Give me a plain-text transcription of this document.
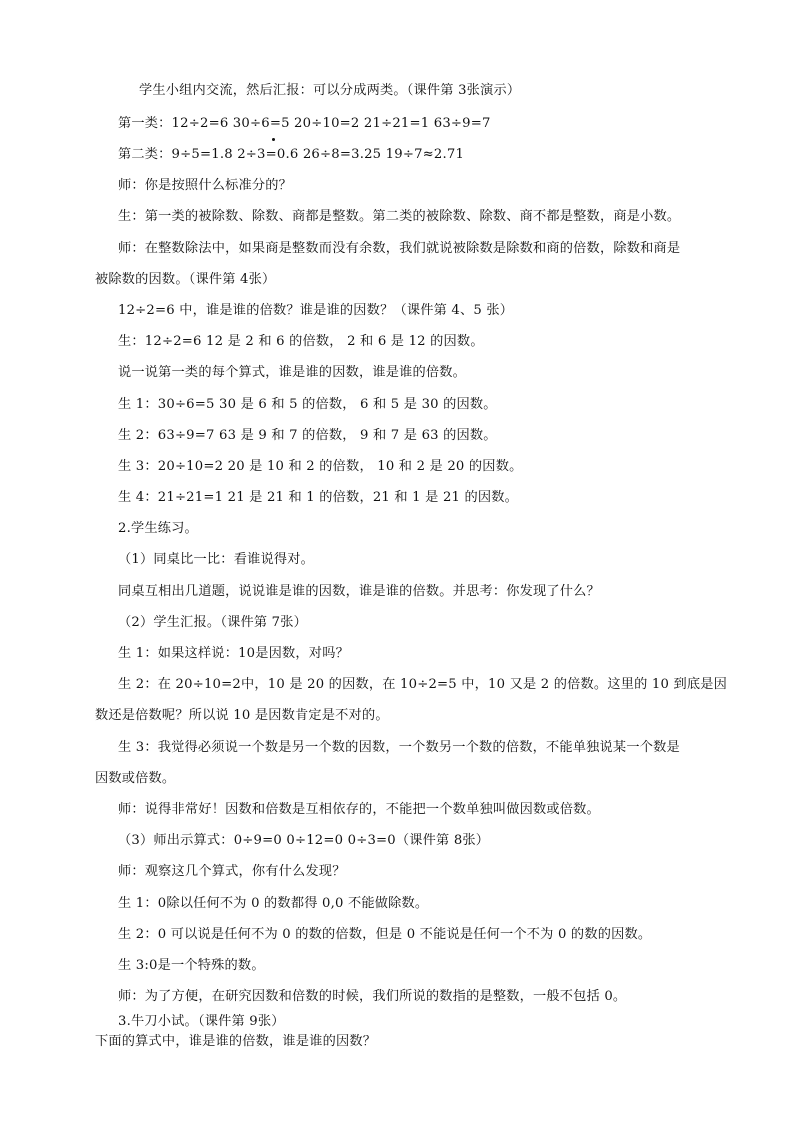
学生小组内交流，然后汇报：可以分成两类。（课件第 3张演示）
第一类：12÷2=6 30÷6=5 20÷10=2 21÷21=1 63÷9=7
第二类：9÷5=1.8 2÷3=0.6 26÷8=3.25 19÷7≈2.71
师：你是按照什么标准分的？
生：第一类的被除数、除数、商都是整数。第二类的被除数、除数、商不都是整数，商是小数。
师：在整数除法中，如果商是整数而没有余数，我们就说被除数是除数和商的倍数，除数和商是
被除数的因数。（课件第 4张）
12÷2=6 中，谁是谁的倍数？谁是谁的因数？（课件第 4、5 张）
生：12÷2=6 12 是 2 和 6 的倍数， 2 和 6 是 12 的因数。
说一说第一类的每个算式，谁是谁的因数，谁是谁的倍数。
生 1：30÷6=5 30 是 6 和 5 的倍数， 6 和 5 是 30 的因数。
生 2：63÷9=7 63 是 9 和 7 的倍数， 9 和 7 是 63 的因数。
生 3：20÷10=2 20 是 10 和 2 的倍数， 10 和 2 是 20 的因数。
生 4：21÷21=1 21 是 21 和 1 的倍数，21 和 1 是 21 的因数。
2.学生练习。
（1）同桌比一比：看谁说得对。
同桌互相出几道题，说说谁是谁的因数，谁是谁的倍数。并思考：你发现了什么？
（2）学生汇报。（课件第 7张）
生 1：如果这样说：10是因数，对吗？
生 2：在 20÷10=2中，10 是 20 的因数，在 10÷2=5 中，10 又是 2 的倍数。这里的 10 到底是因
数还是倍数呢？所以说 10 是因数肯定是不对的。
生 3：我觉得必须说一个数是另一个数的因数，一个数另一个数的倍数，不能单独说某一个数是
因数或倍数。
师：说得非常好！因数和倍数是互相依存的，不能把一个数单独叫做因数或倍数。
（3）师出示算式：0÷9=0 0÷12=0 0÷3=0（课件第 8张）
师：观察这几个算式，你有什么发现？
生 1：0除以任何不为 0 的数都得 0,0 不能做除数。
生 2：0 可以说是任何不为 0 的数的倍数，但是 0 不能说是任何一个不为 0 的数的因数。
生 3:0是一个特殊的数。
师：为了方便，在研究因数和倍数的时候，我们所说的数指的是整数，一般不包括 0。
3.牛刀小试。（课件第 9张）
下面的算式中，谁是谁的倍数，谁是谁的因数？
